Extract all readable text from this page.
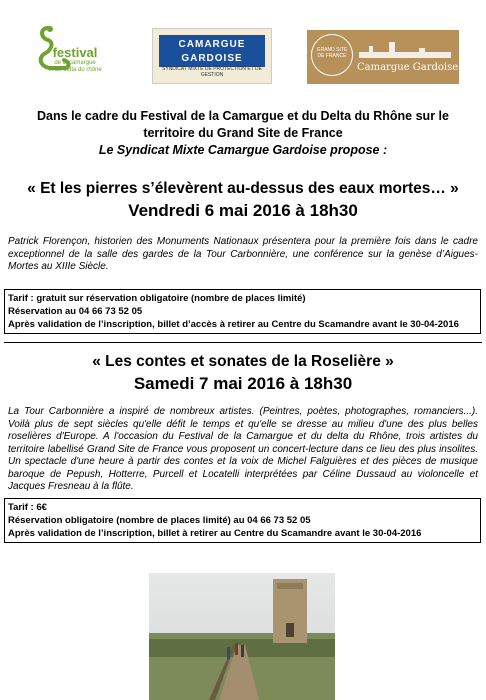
festival
de la camargue
et du delta du rhône
CAMARGUE
GARDOISE
SYNDICAT MIXTE DE PROTECTION ET DE GESTION
GRAND SITE
DE FRANCE
Camargue Gardoise
Dans le cadre du Festival de la Camargue et du Delta du Rhône sur le
territoire du Grand Site de France
Le Syndicat Mixte Camargue Gardoise propose :
« Et les pierres s’élevèrent au-dessus des eaux mortes… »
Vendredi 6 mai 2016 à 18h30
Patrick Florençon, historien des Monuments Nationaux présentera pour la première fois dans le cadre exceptionnel de la salle des gardes de la Tour Carbonnière, une conférence sur la genèse d’Aigues-Mortes au XIIIe Siècle.
Tarif : gratuit sur réservation obligatoire (nombre de places limité)
Réservation au 04 66 73 52 05
Après validation de l’inscription, billet d’accès à retirer au Centre du Scamandre avant le 30-04-2016
« Les contes et sonates de la Roselière »
Samedi 7 mai 2016 à 18h30
La Tour Carbonnière a inspiré de nombreux artistes. (Peintres, poètes, photographes, romanciers...). Voilà plus de sept siècles qu'elle défit le temps et qu'elle se dresse au milieu d'une des plus belles roselières d'Europe. A l'occasion du Festival de la Camargue et du delta du Rhône, trois artistes du territoire labellisé Grand Site de France vous proposent un concert-lecture dans ce lieu des plus insolites. Un spectacle d'une heure à partir des contes et la voix de Michel Falguières et des pièces de musique baroque de Pepush, Hotterre, Purcell et Locatelli interprétées par Céline Dussaud au violoncelle et Jacques Fresneau à la flûte.
Tarif : 6€
Réservation obligatoire (nombre de places limité) au 04 66 73 52 05
Après validation de l’inscription, billet à retirer au Centre du Scamandre avant le 30-04-2016
